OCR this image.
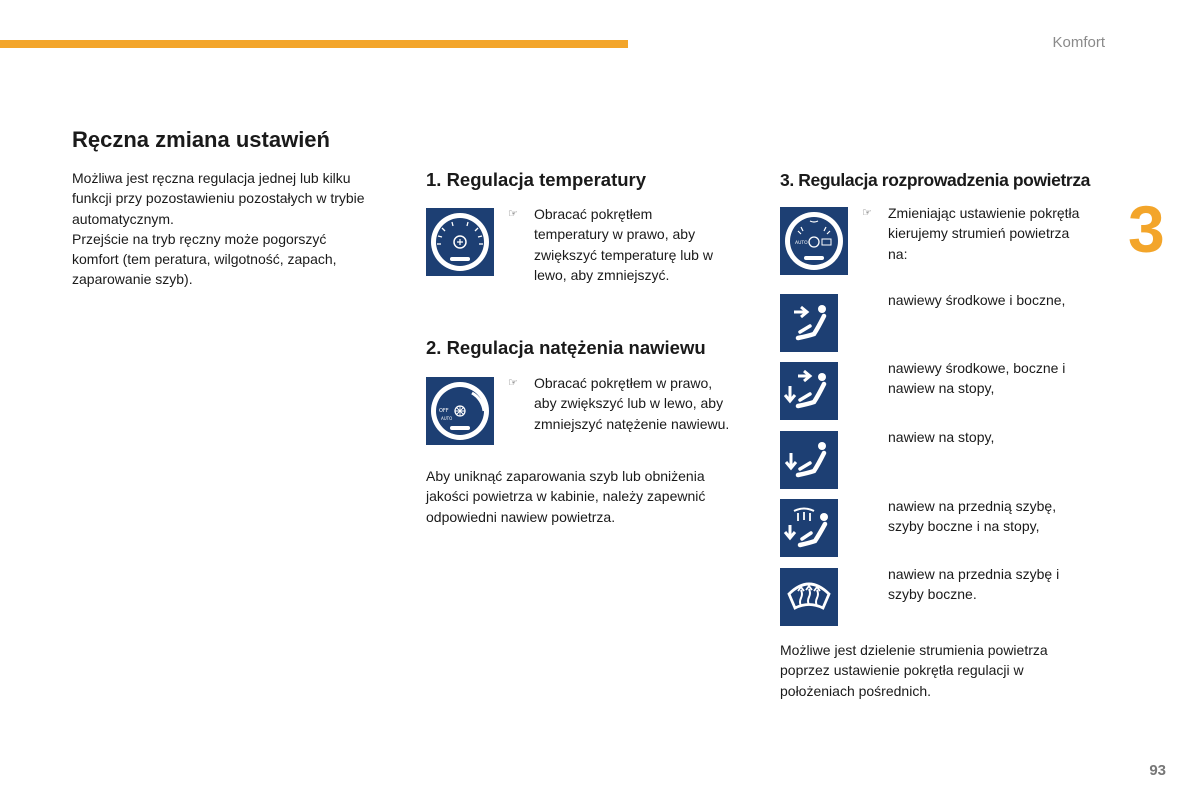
Komfort
3
93
Ręczna zmiana ustawień
Możliwa jest ręczna regulacja jednej lub kilku
funkcji przy pozostawieniu pozostałych w trybie
automatycznym.
Przejście na tryb ręczny może pogorszyć
komfort (tem peratura, wilgotność, zapach,
zaparowanie szyb).
1. Regulacja temperatury
☞ Obracać pokrętłem
temperatury w prawo, aby
zwiększyć temperaturę lub w
lewo, aby zmniejszyć.
2. Regulacja natężenia nawiewu
OFF
AUTO
☞ Obracać pokrętłem w prawo,
aby zwiększyć lub w lewo, aby
zmniejszyć natężenie nawiewu.
Aby uniknąć zaparowania szyb lub obniżenia
jakości powietrza w kabinie, należy zapewnić
odpowiedni nawiew powietrza.
3. Regulacja rozprowadzenia powietrza
AUTO
☞ Zmieniając ustawienie pokrętła
kierujemy strumień powietrza
na:
nawiewy środkowe i boczne,
nawiewy środkowe, boczne i
nawiew na stopy,
nawiew na stopy,
nawiew na przednią szybę,
szyby boczne i na stopy,
nawiew na przednia szybę i
szyby boczne.
Możliwe jest dzielenie strumienia powietrza
poprzez ustawienie pokrętła regulacji w
położeniach pośrednich.
